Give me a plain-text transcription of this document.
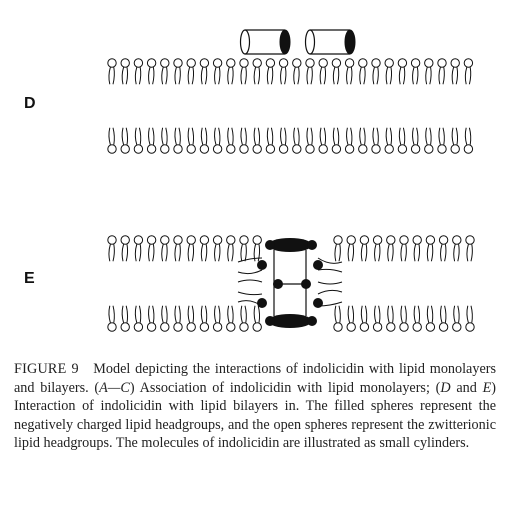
D
E
FIGURE 9 Model depicting the interactions of indolicidin with lipid monolayers and bilayers. (A—C) Association of indolicidin with lipid monolayers; (D and E) Interaction of indolicidin with lipid bilayers in. The filled spheres represent the negatively charged lipid headgroups, and the open spheres represent the zwitterionic lipid headgroups. The molecules of indolicidin are illustrated as small cylinders.
